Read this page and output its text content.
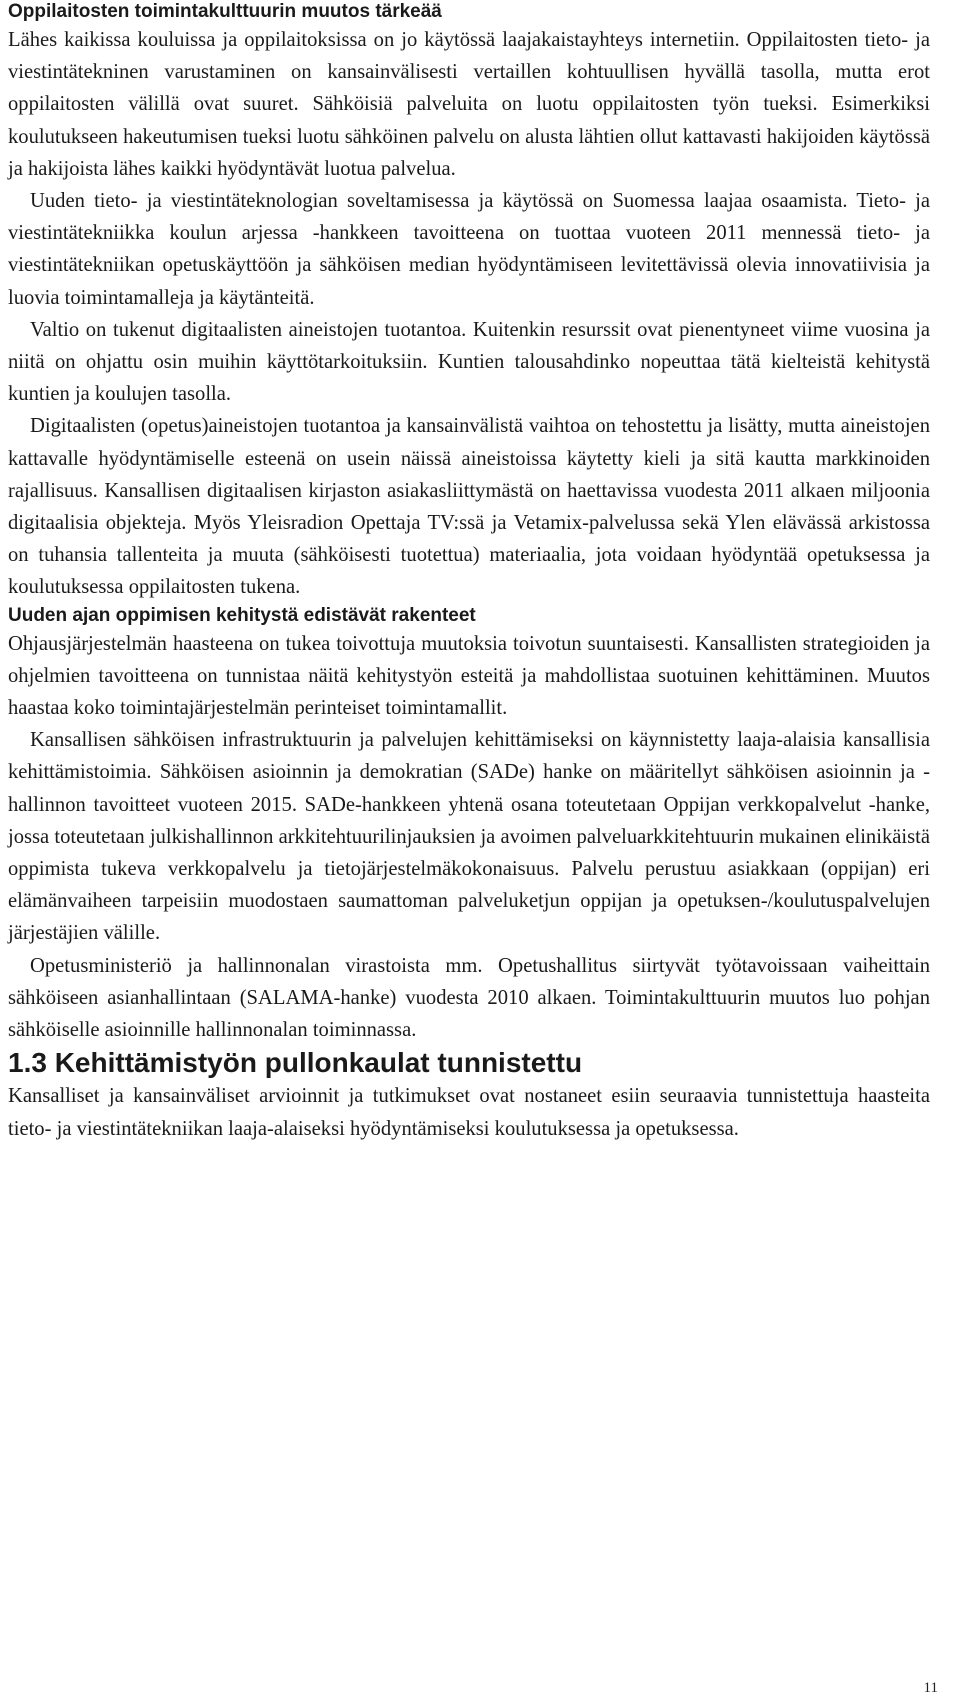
Oppilaitosten toimintakulttuurin muutos tärkeää

Lähes kaikissa kouluissa ja oppilaitoksissa on jo käytössä laajakaistayhteys internetiin. Oppilaitosten tieto- ja viestintätekninen varustaminen on kansainvälisesti vertaillen kohtuullisen hyvällä tasolla, mutta erot oppilaitosten välillä ovat suuret. Sähköisiä palveluita on luotu oppilaitosten työn tueksi. Esimerkiksi koulutukseen hakeutumisen tueksi luotu sähköinen palvelu on alusta lähtien ollut kattavasti hakijoiden käytössä ja hakijoista lähes kaikki hyödyntävät luotua palvelua.

Uuden tieto- ja viestintäteknologian soveltamisessa ja käytössä on Suomessa laajaa osaamista. Tieto- ja viestintätekniikka koulun arjessa -hankkeen tavoitteena on tuottaa vuoteen 2011 mennessä tieto- ja viestintätekniikan opetuskäyttöön ja sähköisen median hyödyntämiseen levitettävissä olevia innovatiivisia ja luovia toimintamalleja ja käytänteitä.

Valtio on tukenut digitaalisten aineistojen tuotantoa. Kuitenkin resurssit ovat pienentyneet viime vuosina ja niitä on ohjattu osin muihin käyttötarkoituksiin. Kuntien talousahdinko nopeuttaa tätä kielteistä kehitystä kuntien ja koulujen tasolla.

Digitaalisten (opetus)aineistojen tuotantoa ja kansainvälistä vaihtoa on tehostettu ja lisätty, mutta aineistojen kattavalle hyödyntämiselle esteenä on usein näissä aineistoissa käytetty kieli ja sitä kautta markkinoiden rajallisuus. Kansallisen digitaalisen kirjaston asiakasliittymästä on haettavissa vuodesta 2011 alkaen miljoonia digitaalisia objekteja. Myös Yleisradion Opettaja TV:ssä ja Vetamix-palvelussa sekä Ylen elävässä arkistossa on tuhansia tallenteita ja muuta (sähköisesti tuotettua) materiaalia, jota voidaan hyödyntää opetuksessa ja koulutuksessa oppilaitosten tukena.

Uuden ajan oppimisen kehitystä edistävät rakenteet

Ohjausjärjestelmän haasteena on tukea toivottuja muutoksia toivotun suuntaisesti. Kansallisten strategioiden ja ohjelmien tavoitteena on tunnistaa näitä kehitystyön esteitä ja mahdollistaa suotuinen kehittäminen. Muutos haastaa koko toimintajärjestelmän perinteiset toimintamallit.

Kansallisen sähköisen infrastruktuurin ja palvelujen kehittämiseksi on käynnistetty laaja-alaisia kansallisia kehittämistoimia. Sähköisen asioinnin ja demokratian (SADe) hanke on määritellyt sähköisen asioinnin ja -hallinnon tavoitteet vuoteen 2015. SADe-hankkeen yhtenä osana toteutetaan Oppijan verkkopalvelut -hanke, jossa toteutetaan julkishallinnon arkkitehtuurilinjauksien ja avoimen palveluarkkitehtuurin mukainen elinikäistä oppimista tukeva verkkopalvelu ja tietojärjestelmäkokonaisuus. Palvelu perustuu asiakkaan (oppijan) eri elämänvaiheen tarpeisiin muodostaen saumattoman palveluketjun oppijan ja opetuksen-/koulutuspalvelujen järjestäjien välille.

Opetusministeriö ja hallinnonalan virastoista mm. Opetushallitus siirtyvät työtavoissaan vaiheittain sähköiseen asianhallintaan (SALAMA-hanke) vuodesta 2010 alkaen. Toimintakulttuurin muutos luo pohjan sähköiselle asioinnille hallinnonalan toiminnassa.

1.3 Kehittämistyön pullonkaulat tunnistettu

Kansalliset ja kansainväliset arvioinnit ja tutkimukset ovat nostaneet esiin seuraavia tunnistettuja haasteita tieto- ja viestintätekniikan laaja-alaiseksi hyödyntämiseksi koulutuksessa ja opetuksessa.

11
